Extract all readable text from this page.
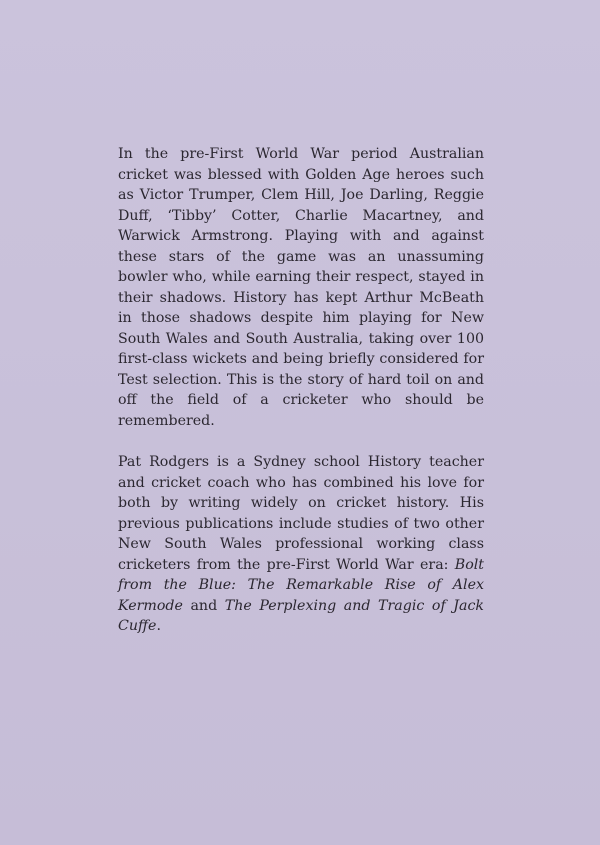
In the pre-First World War period Australian cricket was blessed with Golden Age heroes such as Victor Trumper, Clem Hill, Joe Darling, Reggie Duff, ‘Tibby’ Cotter, Charlie Macartney, and Warwick Armstrong. Playing with and against these stars of the game was an unassuming bowler who, while earning their respect, stayed in their shadows. History has kept Arthur McBeath in those shadows despite him playing for New South Wales and South Australia, taking over 100 first-class wickets and being briefly considered for Test selection. This is the story of hard toil on and off the field of a cricketer who should be remembered.

Pat Rodgers is a Sydney school History teacher and cricket coach who has combined his love for both by writing widely on cricket history. His previous publications include studies of two other New South Wales professional working class cricketers from the pre-First World War era: Bolt from the Blue: The Remarkable Rise of Alex Kermode and The Perplexing and Tragic of Jack Cuffe.
